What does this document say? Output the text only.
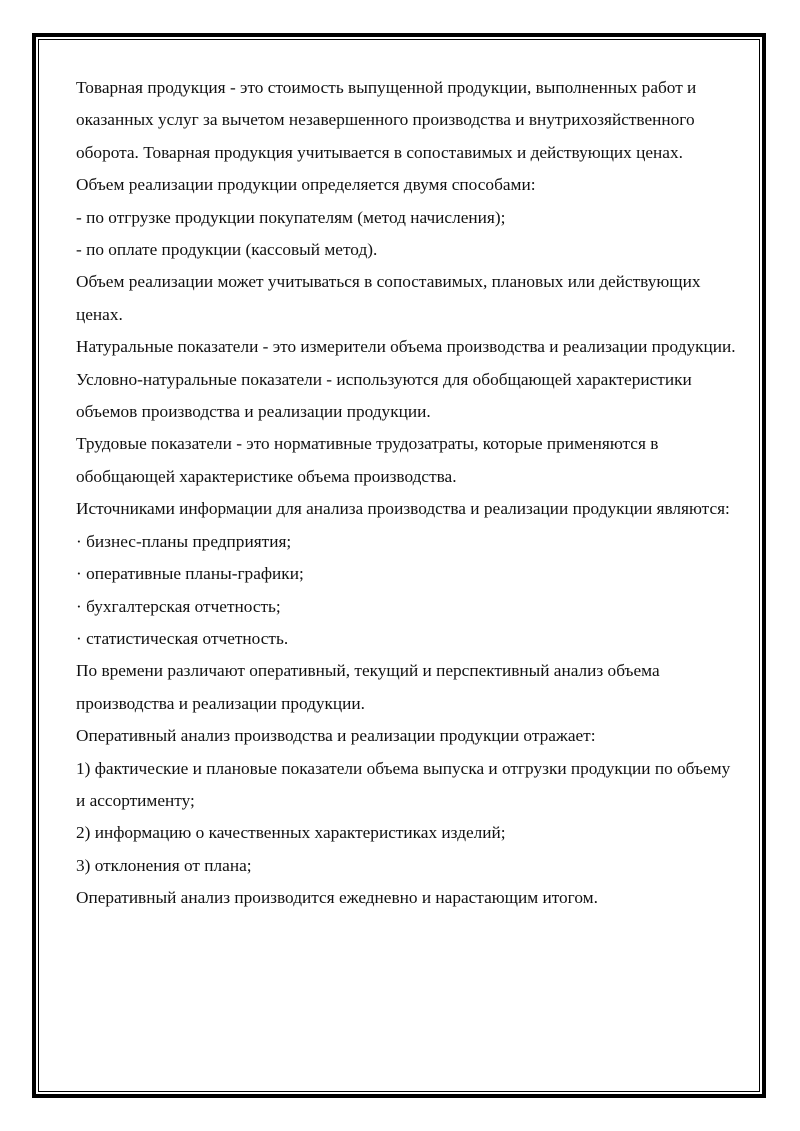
Товарная продукция - это стоимость выпущенной продукции, выполненных работ и оказанных услуг за вычетом незавершенного производства и внутрихозяйственного оборота. Товарная продукция учитывается в сопоставимых и действующих ценах.

Объем реализации продукции определяется двумя способами:

- по отгрузке продукции покупателям (метод начисления);

- по оплате продукции (кассовый метод).

Объем реализации может учитываться в сопоставимых, плановых или действующих ценах.

Натуральные показатели - это измерители объема производства и реализации продукции.

Условно-натуральные показатели - используются для обобщающей характеристики объемов производства и реализации продукции.

Трудовые показатели - это нормативные трудозатраты, которые применяются в обобщающей характеристике объема производства.

Источниками информации для анализа производства и реализации продукции являются:

· бизнес-планы предприятия;

· оперативные планы-графики;

· бухгалтерская отчетность;

· статистическая отчетность.

По времени различают оперативный, текущий и перспективный анализ объема производства и реализации продукции.

Оперативный анализ производства и реализации продукции отражает:

1) фактические и плановые показатели объема выпуска и отгрузки продукции по объему и ассортименту;

2) информацию о качественных характеристиках изделий;

3) отклонения от плана;

Оперативный анализ производится ежедневно и нарастающим итогом.
